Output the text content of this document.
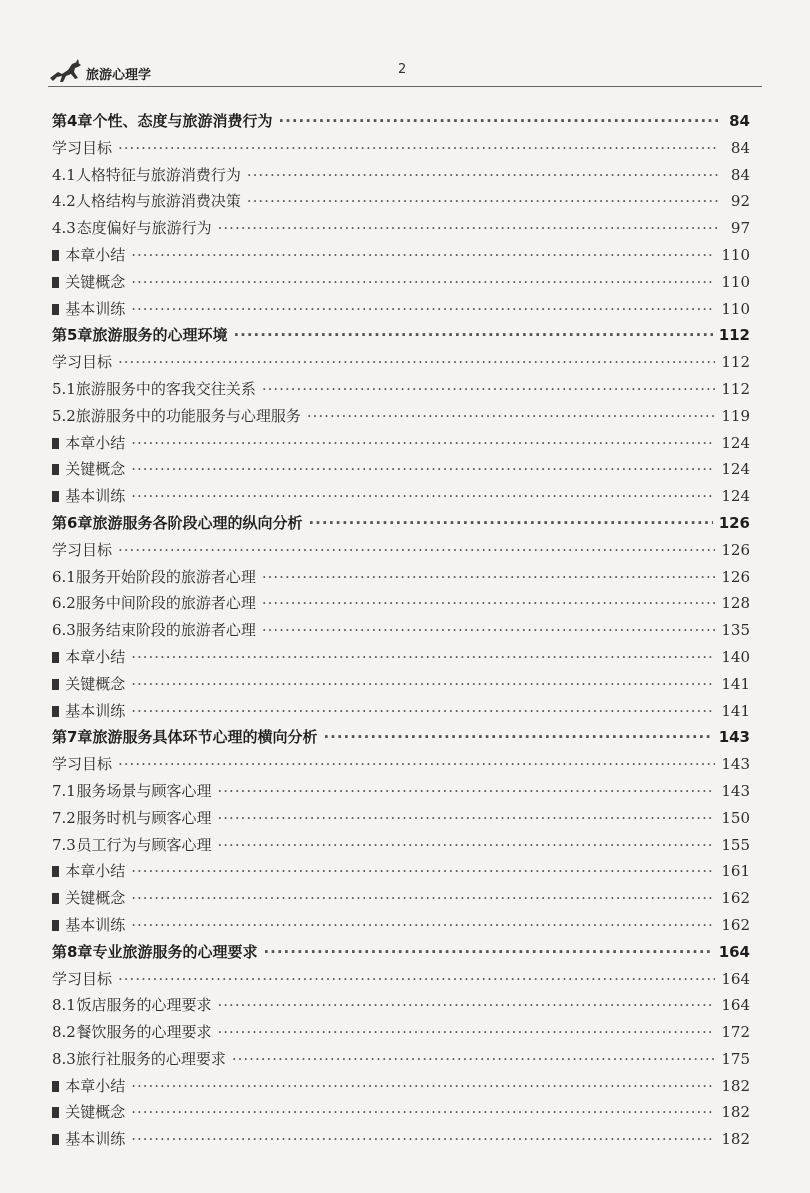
旅游心理学	2
第4章 个性、态度与旅游消费行为 ·····	84
学习目标 ·····	84
4.1 人格特征与旅游消费行为 ·····	84
4.2 人格结构与旅游消费决策 ·····	92
4.3 态度偏好与旅游行为 ·····	97
本章小结 ·····	110
关键概念 ·····	110
基本训练 ·····	110
第5章 旅游服务的心理环境 ·····	112
学习目标 ·····	112
5.1 旅游服务中的客我交往关系 ·····	112
5.2 旅游服务中的功能服务与心理服务 ·····	119
本章小结 ·····	124
关键概念 ·····	124
基本训练 ·····	124
第6章 旅游服务各阶段心理的纵向分析 ·····	126
学习目标 ·····	126
6.1 服务开始阶段的旅游者心理 ·····	126
6.2 服务中间阶段的旅游者心理 ·····	128
6.3 服务结束阶段的旅游者心理 ·····	135
本章小结 ·····	140
关键概念 ·····	141
基本训练 ·····	141
第7章 旅游服务具体环节心理的横向分析 ·····	143
学习目标 ·····	143
7.1 服务场景与顾客心理 ·····	143
7.2 服务时机与顾客心理 ·····	150
7.3 员工行为与顾客心理 ·····	155
本章小结 ·····	161
关键概念 ·····	162
基本训练 ·····	162
第8章 专业旅游服务的心理要求 ·····	164
学习目标 ·····	164
8.1 饭店服务的心理要求 ·····	164
8.2 餐饮服务的心理要求 ·····	172
8.3 旅行社服务的心理要求 ·····	175
本章小结 ·····	182
关键概念 ·····	182
基本训练 ·····	182
